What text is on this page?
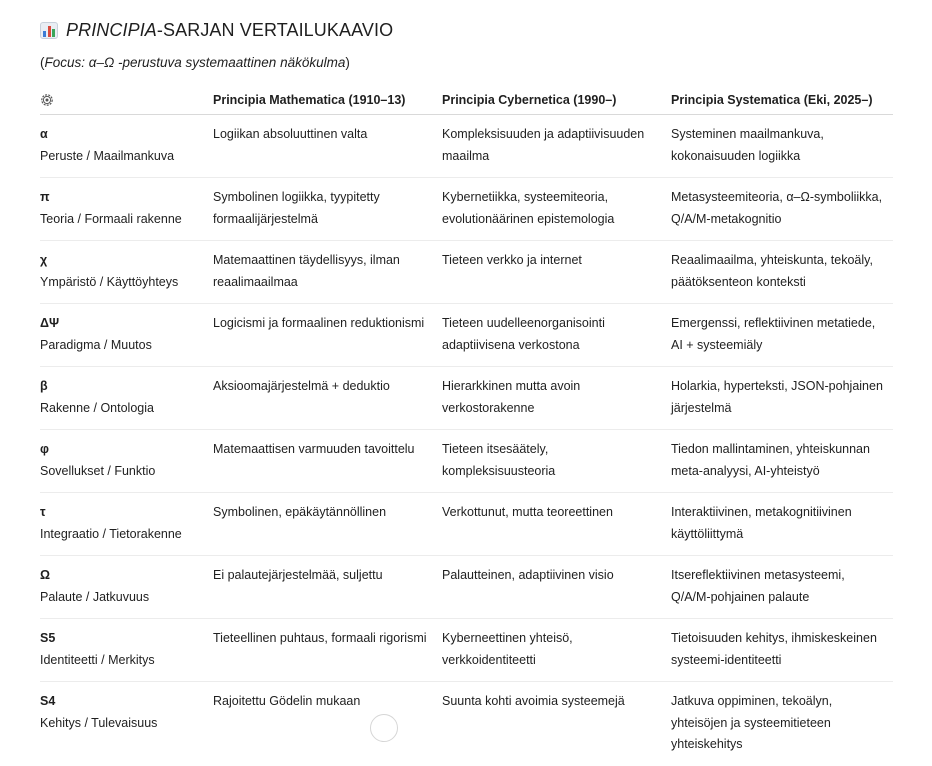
PRINCIPIA -SARJAN VERTAILUKAAVIO
(Focus: α–Ω -perustuva systemaattinen näkökulma)
	Principia Mathematica (1910–13)	Principia Cybernetica (1990–)	Principia Systematica (Eki, 2025–)

α
Peruste / Maailmankuva	Logiikan absoluuttinen valta	Kompleksisuuden ja adaptiivisuuden maailma	Systeminen maailmankuva, kokonaisuuden logiikka

π
Teoria / Formaali rakenne	Symbolinen logiikka, tyypitetty formaalijärjestelmä	Kybernetiikka, systeemiteoria, evolutionäärinen epistemologia	Metasysteemiteoria, α–Ω-symboliikka, Q/A/M-metakognitio

χ
Ympäristö / Käyttöyhteys	Matemaattinen täydellisyys, ilman reaalimaailmaa	Tieteen verkko ja internet	Reaalimaailma, yhteiskunta, tekoäly, päätöksenteon konteksti

ΔΨ
Paradigma / Muutos	Logicismi ja formaalinen reduktionismi	Tieteen uudelleenorganisointi adaptiivisena verkostona	Emergenssi, reflektiivinen metatiede, AI + systeemiäly

β
Rakenne / Ontologia	Aksioomajärjestelmä + deduktio	Hierarkkinen mutta avoin verkostorakenne	Holarkia, hyperteksti, JSON-pohjainen järjestelmä

φ
Sovellukset / Funktio	Matemaattisen varmuuden tavoittelu	Tieteen itsesäätely, kompleksisuusteoria	Tiedon mallintaminen, yhteiskunnan meta-analyysi, AI-yhteistyö

τ
Integraatio / Tietorakenne	Symbolinen, epäkäytännöllinen	Verkottunut, mutta teoreettinen	Interaktiivinen, metakognitiivinen käyttöliittymä

Ω
Palaute / Jatkuvuus	Ei palautejärjestelmää, suljettu	Palautteinen, adaptiivinen visio	Itsereflektiivinen metasysteemi, Q/A/M-pohjainen palaute

S5
Identiteetti / Merkitys	Tieteellinen puhtaus, formaali rigorismi	Kyberneettinen yhteisö, verkkoidentiteetti	Tietoisuuden kehitys, ihmiskeskeinen systeemi-identiteetti

S4
Kehitys / Tulevaisuus	Rajoitettu Gödelin mukaan	Suunta kohti avoimia systeemejä	Jatkuva oppiminen, tekoälyn, yhteisöjen ja systeemitieteen yhteiskehitys
